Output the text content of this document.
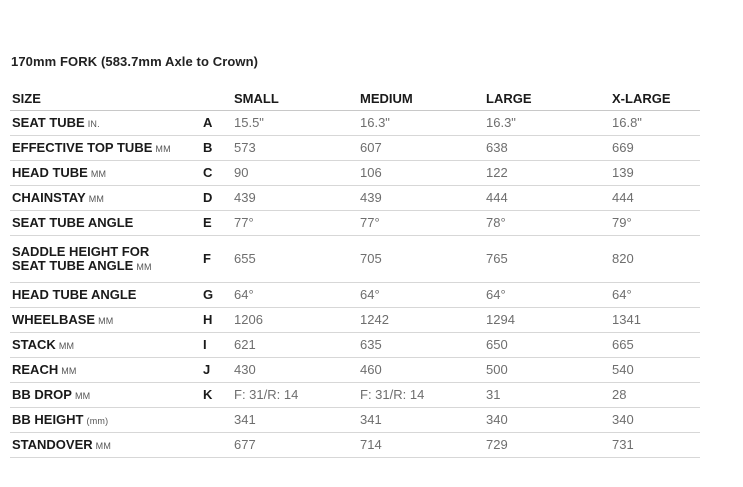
170mm FORK (583.7mm Axle to Crown)
SIZE		SMALL	MEDIUM	LARGE	X-LARGE
SEAT TUBE IN.	A	15.5"	16.3"	16.3"	16.8"
EFFECTIVE TOP TUBE MM	B	573	607	638	669
HEAD TUBE MM	C	90	106	122	139
CHAINSTAY MM	D	439	439	444	444
SEAT TUBE ANGLE	E	77°	77°	78°	79°
SADDLE HEIGHT FOR
SEAT TUBE ANGLE MM	F	655	705	765	820
HEAD TUBE ANGLE	G	64°	64°	64°	64°
WHEELBASE MM	H	1206	1242	1294	1341
STACK MM	I	621	635	650	665
REACH MM	J	430	460	500	540
BB DROP MM	K	F: 31/R: 14	F: 31/R: 14	31	28
BB HEIGHT (mm)		341	341	340	340
STANDOVER MM		677	714	729	731
